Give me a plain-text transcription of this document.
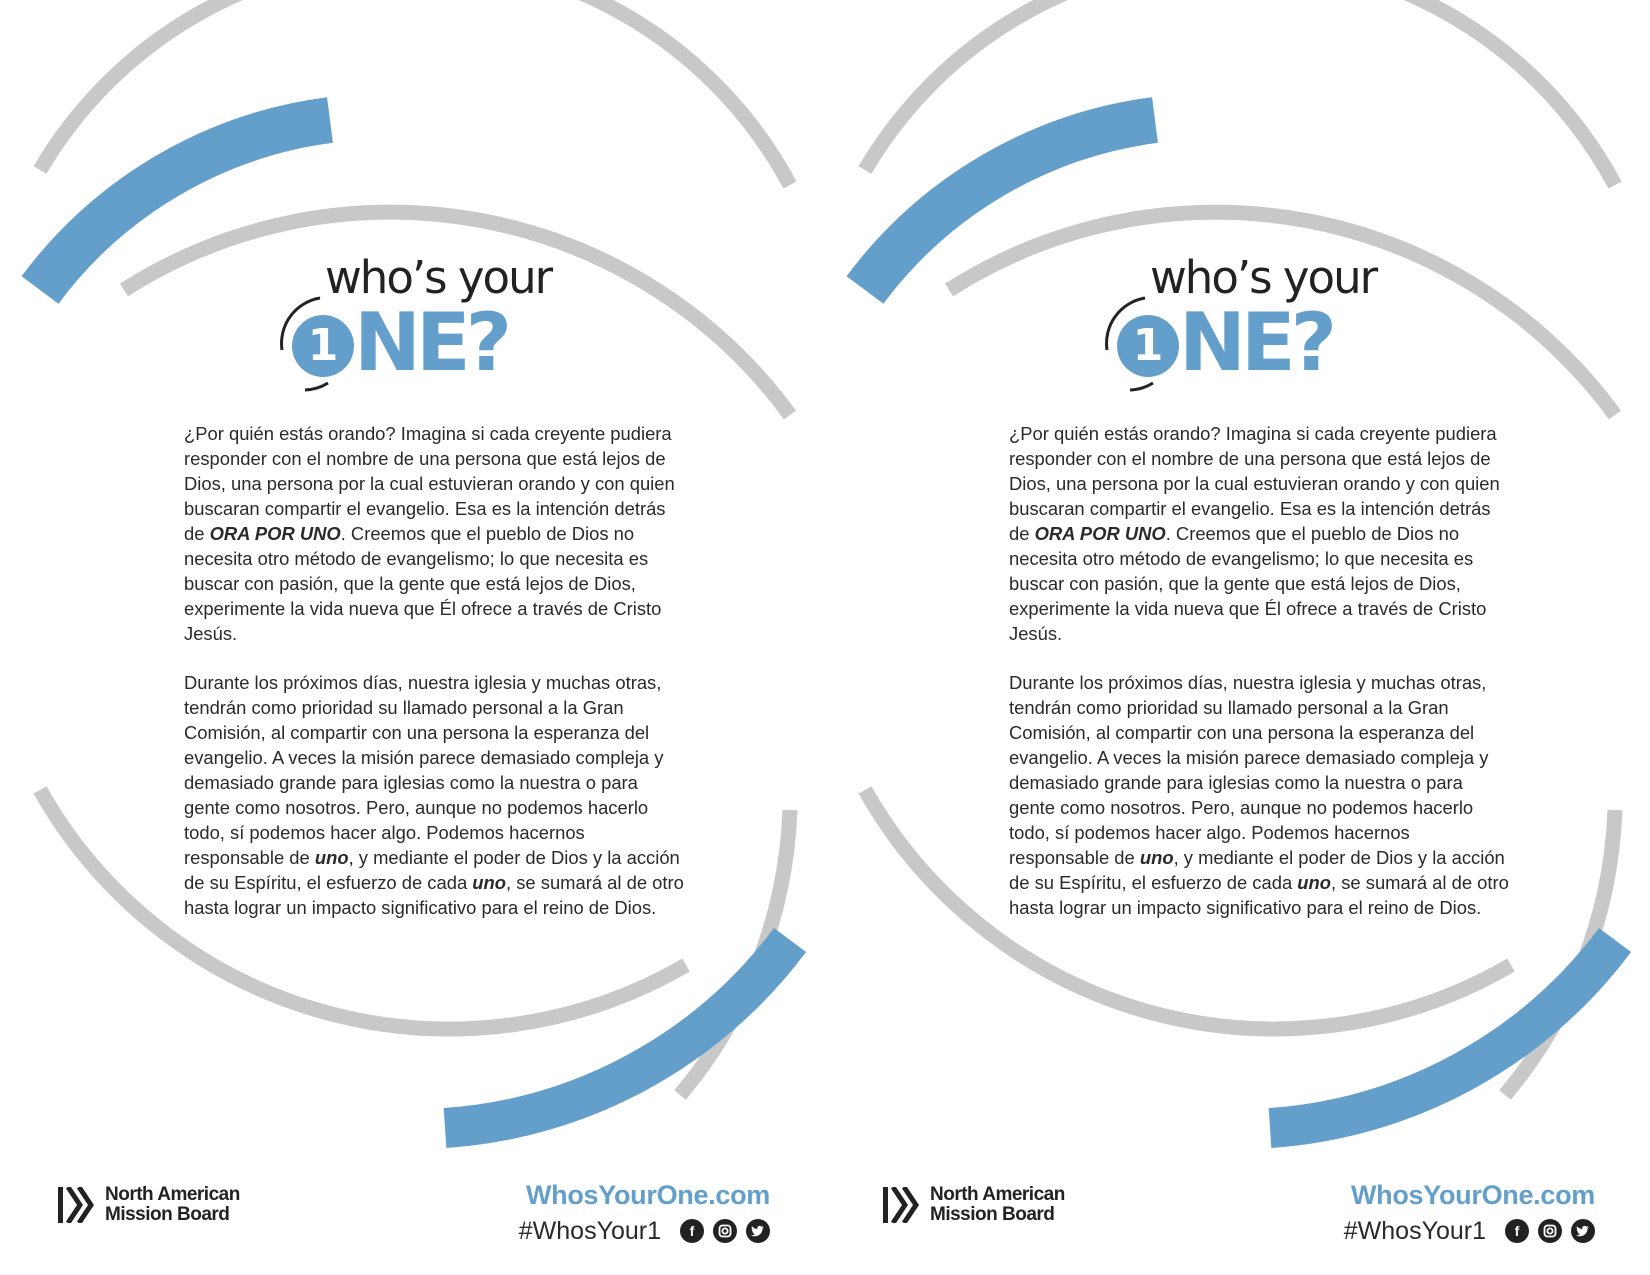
who’s your
1 NE?

¿Por quién estás orando? Imagina si cada creyente pudiera responder con el nombre de una persona que está lejos de Dios, una persona por la cual estuvieran orando y con quien buscaran compartir el evangelio. Esa es la intención detrás de ORA POR UNO. Creemos que el pueblo de Dios no necesita otro método de evangelismo; lo que necesita es buscar con pasión, que la gente que está lejos de Dios, experimente la vida nueva que Él ofrece a través de Cristo Jesús.

Durante los próximos días, nuestra iglesia y muchas otras, tendrán como prioridad su llamado personal a la Gran Comisión, al compartir con una persona la esperanza del evangelio. A veces la misión parece demasiado compleja y demasiado grande para iglesias como la nuestra o para gente como nosotros. Pero, aunque no podemos hacerlo todo, sí podemos hacer algo. Podemos hacernos responsable de uno, y mediante el poder de Dios y la acción de su Espíritu, el esfuerzo de cada uno, se sumará al de otro hasta lograr un impacto significativo para el reino de Dios.

North American
Mission Board
WhosYourOne.com
#WhosYour1	f
who’s your
1 NE?

¿Por quién estás orando? Imagina si cada creyente pudiera responder con el nombre de una persona que está lejos de Dios, una persona por la cual estuvieran orando y con quien buscaran compartir el evangelio. Esa es la intención detrás de ORA POR UNO. Creemos que el pueblo de Dios no necesita otro método de evangelismo; lo que necesita es buscar con pasión, que la gente que está lejos de Dios, experimente la vida nueva que Él ofrece a través de Cristo Jesús.

Durante los próximos días, nuestra iglesia y muchas otras, tendrán como prioridad su llamado personal a la Gran Comisión, al compartir con una persona la esperanza del evangelio. A veces la misión parece demasiado compleja y demasiado grande para iglesias como la nuestra o para gente como nosotros. Pero, aunque no podemos hacerlo todo, sí podemos hacer algo. Podemos hacernos responsable de uno, y mediante el poder de Dios y la acción de su Espíritu, el esfuerzo de cada uno, se sumará al de otro hasta lograr un impacto significativo para el reino de Dios.

North American
Mission Board
WhosYourOne.com
#WhosYour1	f
